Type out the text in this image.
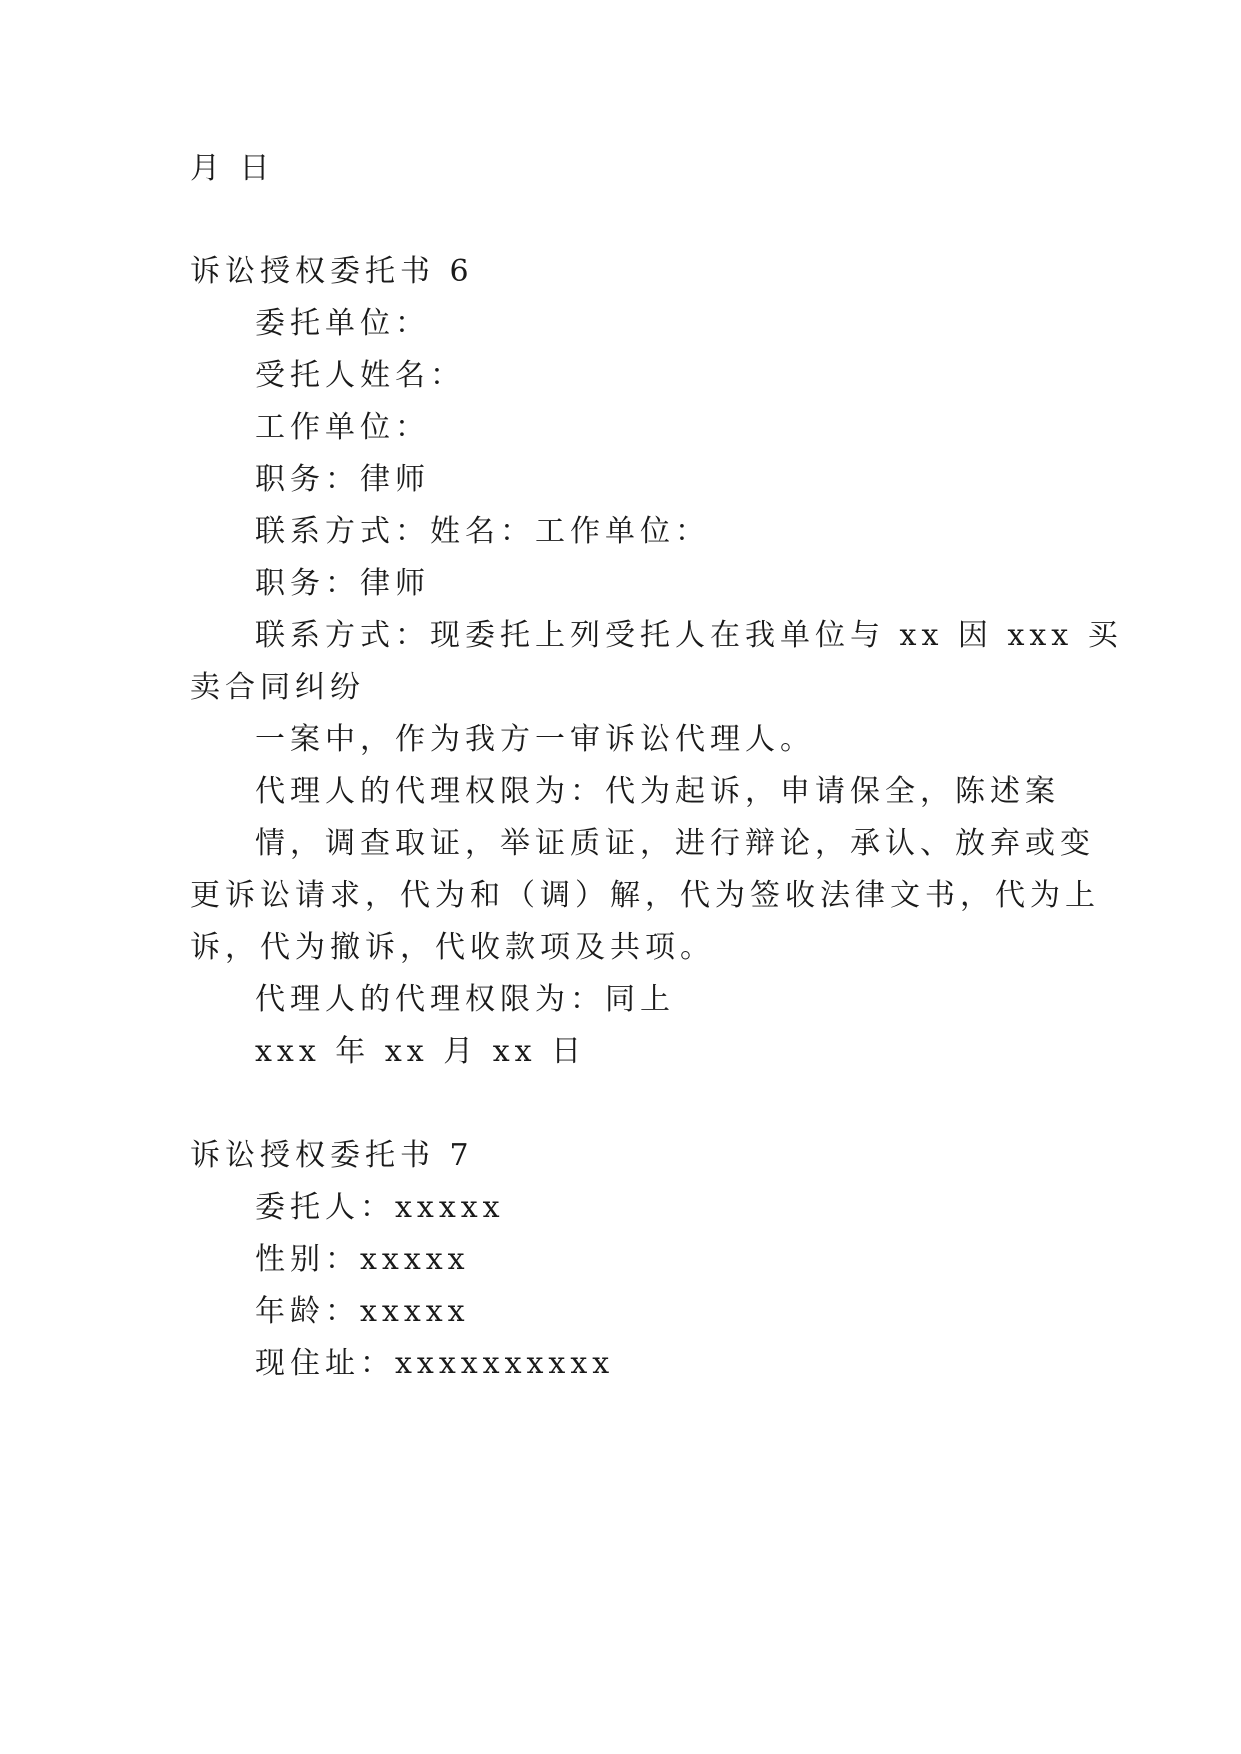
月 日
诉讼授权委托书 6
委托单位：
受托人姓名：
工作单位：
职务：律师
联系方式：姓名：工作单位：
职务：律师
联系方式：现委托上列受托人在我单位与 xx 因 xxx 买
卖合同纠纷
一案中，作为我方一审诉讼代理人。
代理人的代理权限为：代为起诉，申请保全，陈述案
情，调查取证，举证质证，进行辩论，承认、放弃或变
更诉讼请求，代为和（调）解，代为签收法律文书，代为上
诉，代为撤诉，代收款项及共项。
代理人的代理权限为：同上
xxx 年 xx 月 xx 日
诉讼授权委托书 7
委托人：xxxxx
性别：xxxxx
年龄：xxxxx
现住址：xxxxxxxxxx
